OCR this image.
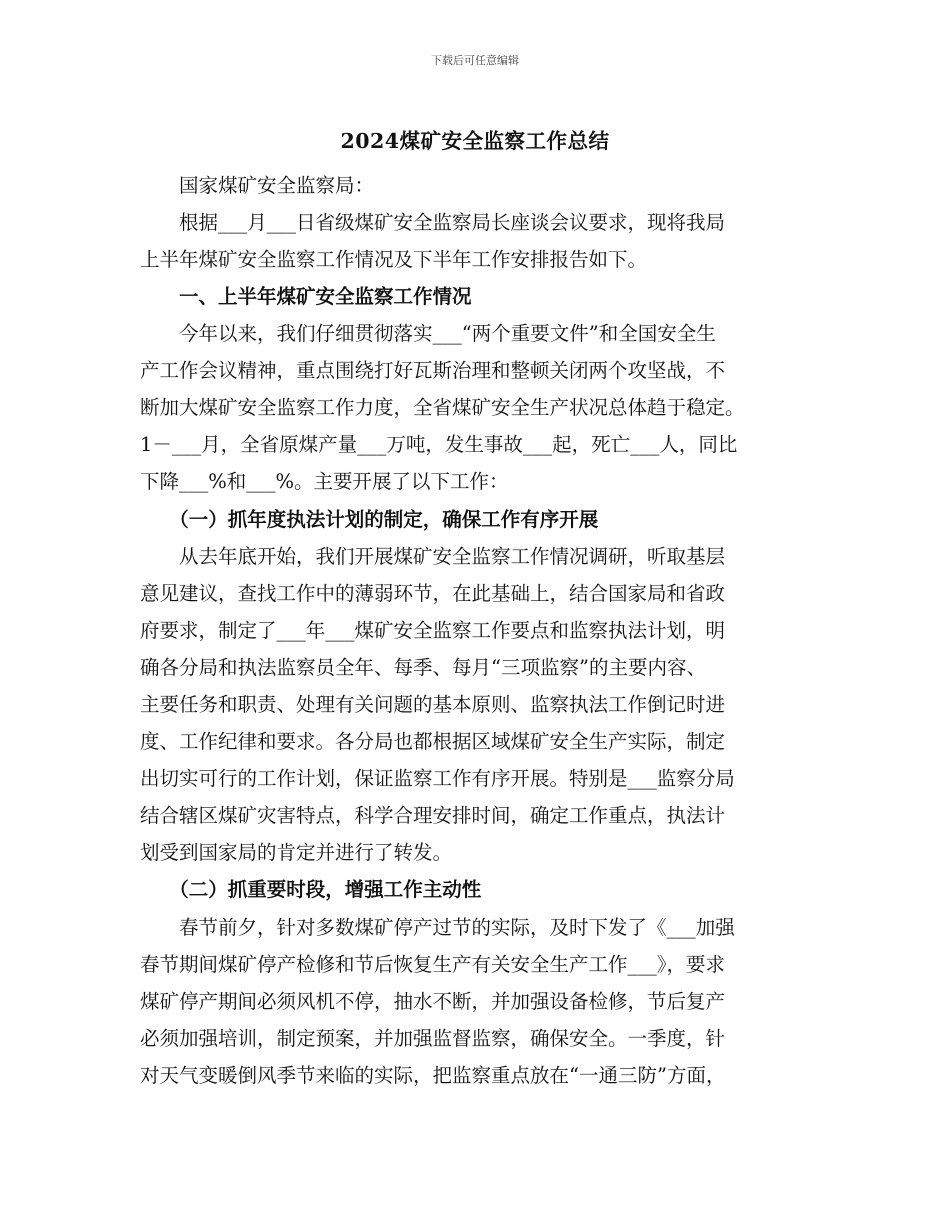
下载后可任意编辑
2024煤矿安全监察工作总结
　　国家煤矿安全监察局：
　　根据___月___日省级煤矿安全监察局长座谈会议要求，现将我局
上半年煤矿安全监察工作情况及下半年工作安排报告如下。
　　一、上半年煤矿安全监察工作情况
　　今年以来，我们仔细贯彻落实___“两个重要文件”和全国安全生
产工作会议精神，重点围绕打好瓦斯治理和整顿关闭两个攻坚战，不
断加大煤矿安全监察工作力度，全省煤矿安全生产状况总体趋于稳定。
1－___月，全省原煤产量___万吨，发生事故___起，死亡___人，同比
下降___%和___%。主要开展了以下工作：
　　（一）抓年度执法计划的制定，确保工作有序开展
　　从去年底开始，我们开展煤矿安全监察工作情况调研，听取基层
意见建议，查找工作中的薄弱环节，在此基础上，结合国家局和省政
府要求，制定了___年___煤矿安全监察工作要点和监察执法计划，明
确各分局和执法监察员全年、每季、每月“三项监察”的主要内容、
主要任务和职责、处理有关问题的基本原则、监察执法工作倒记时进
度、工作纪律和要求。各分局也都根据区域煤矿安全生产实际，制定
出切实可行的工作计划，保证监察工作有序开展。特别是___监察分局
结合辖区煤矿灾害特点，科学合理安排时间，确定工作重点，执法计
划受到国家局的肯定并进行了转发。
　　（二）抓重要时段，增强工作主动性
　　春节前夕，针对多数煤矿停产过节的实际，及时下发了《___加强
春节期间煤矿停产检修和节后恢复生产有关安全生产工作___》，要求
煤矿停产期间必须风机不停，抽水不断，并加强设备检修，节后复产
必须加强培训，制定预案，并加强监督监察，确保安全。一季度，针
对天气变暖倒风季节来临的实际，把监察重点放在“一通三防”方面，
